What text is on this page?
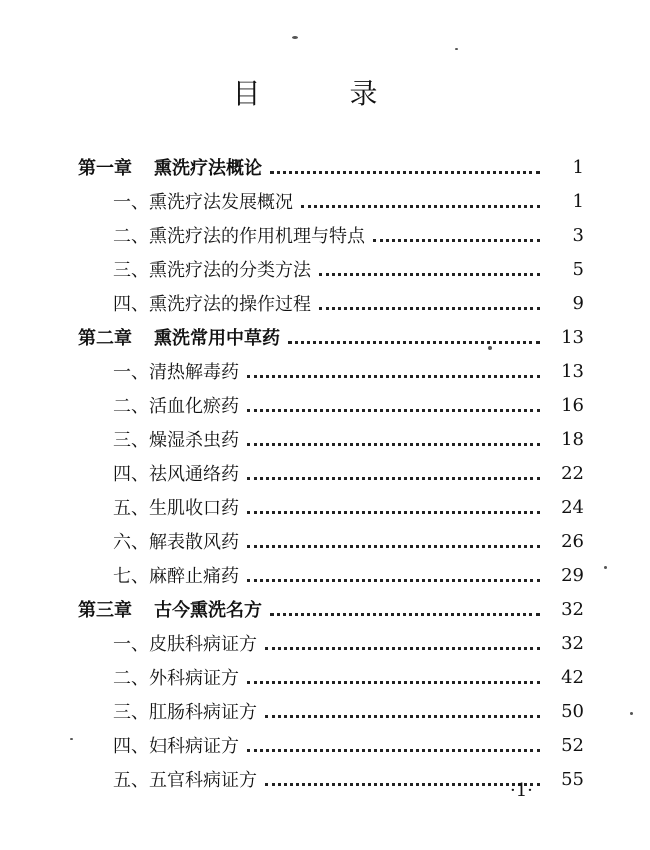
目 录
第一章 熏洗疗法概论	1
一、熏洗疗法发展概况	1
二、熏洗疗法的作用机理与特点	3
三、熏洗疗法的分类方法	5
四、熏洗疗法的操作过程	9
第二章 熏洗常用中草药	13
一、清热解毒药	13
二、活血化瘀药	16
三、燥湿杀虫药	18
四、祛风通络药	22
五、生肌收口药	24
六、解表散风药	26
七、麻醉止痛药	29
第三章 古今熏洗名方	32
一、皮肤科病证方	32
二、外科病证方	42
三、肛肠科病证方	50
四、妇科病证方	52
五、五官科病证方	55
·1·
